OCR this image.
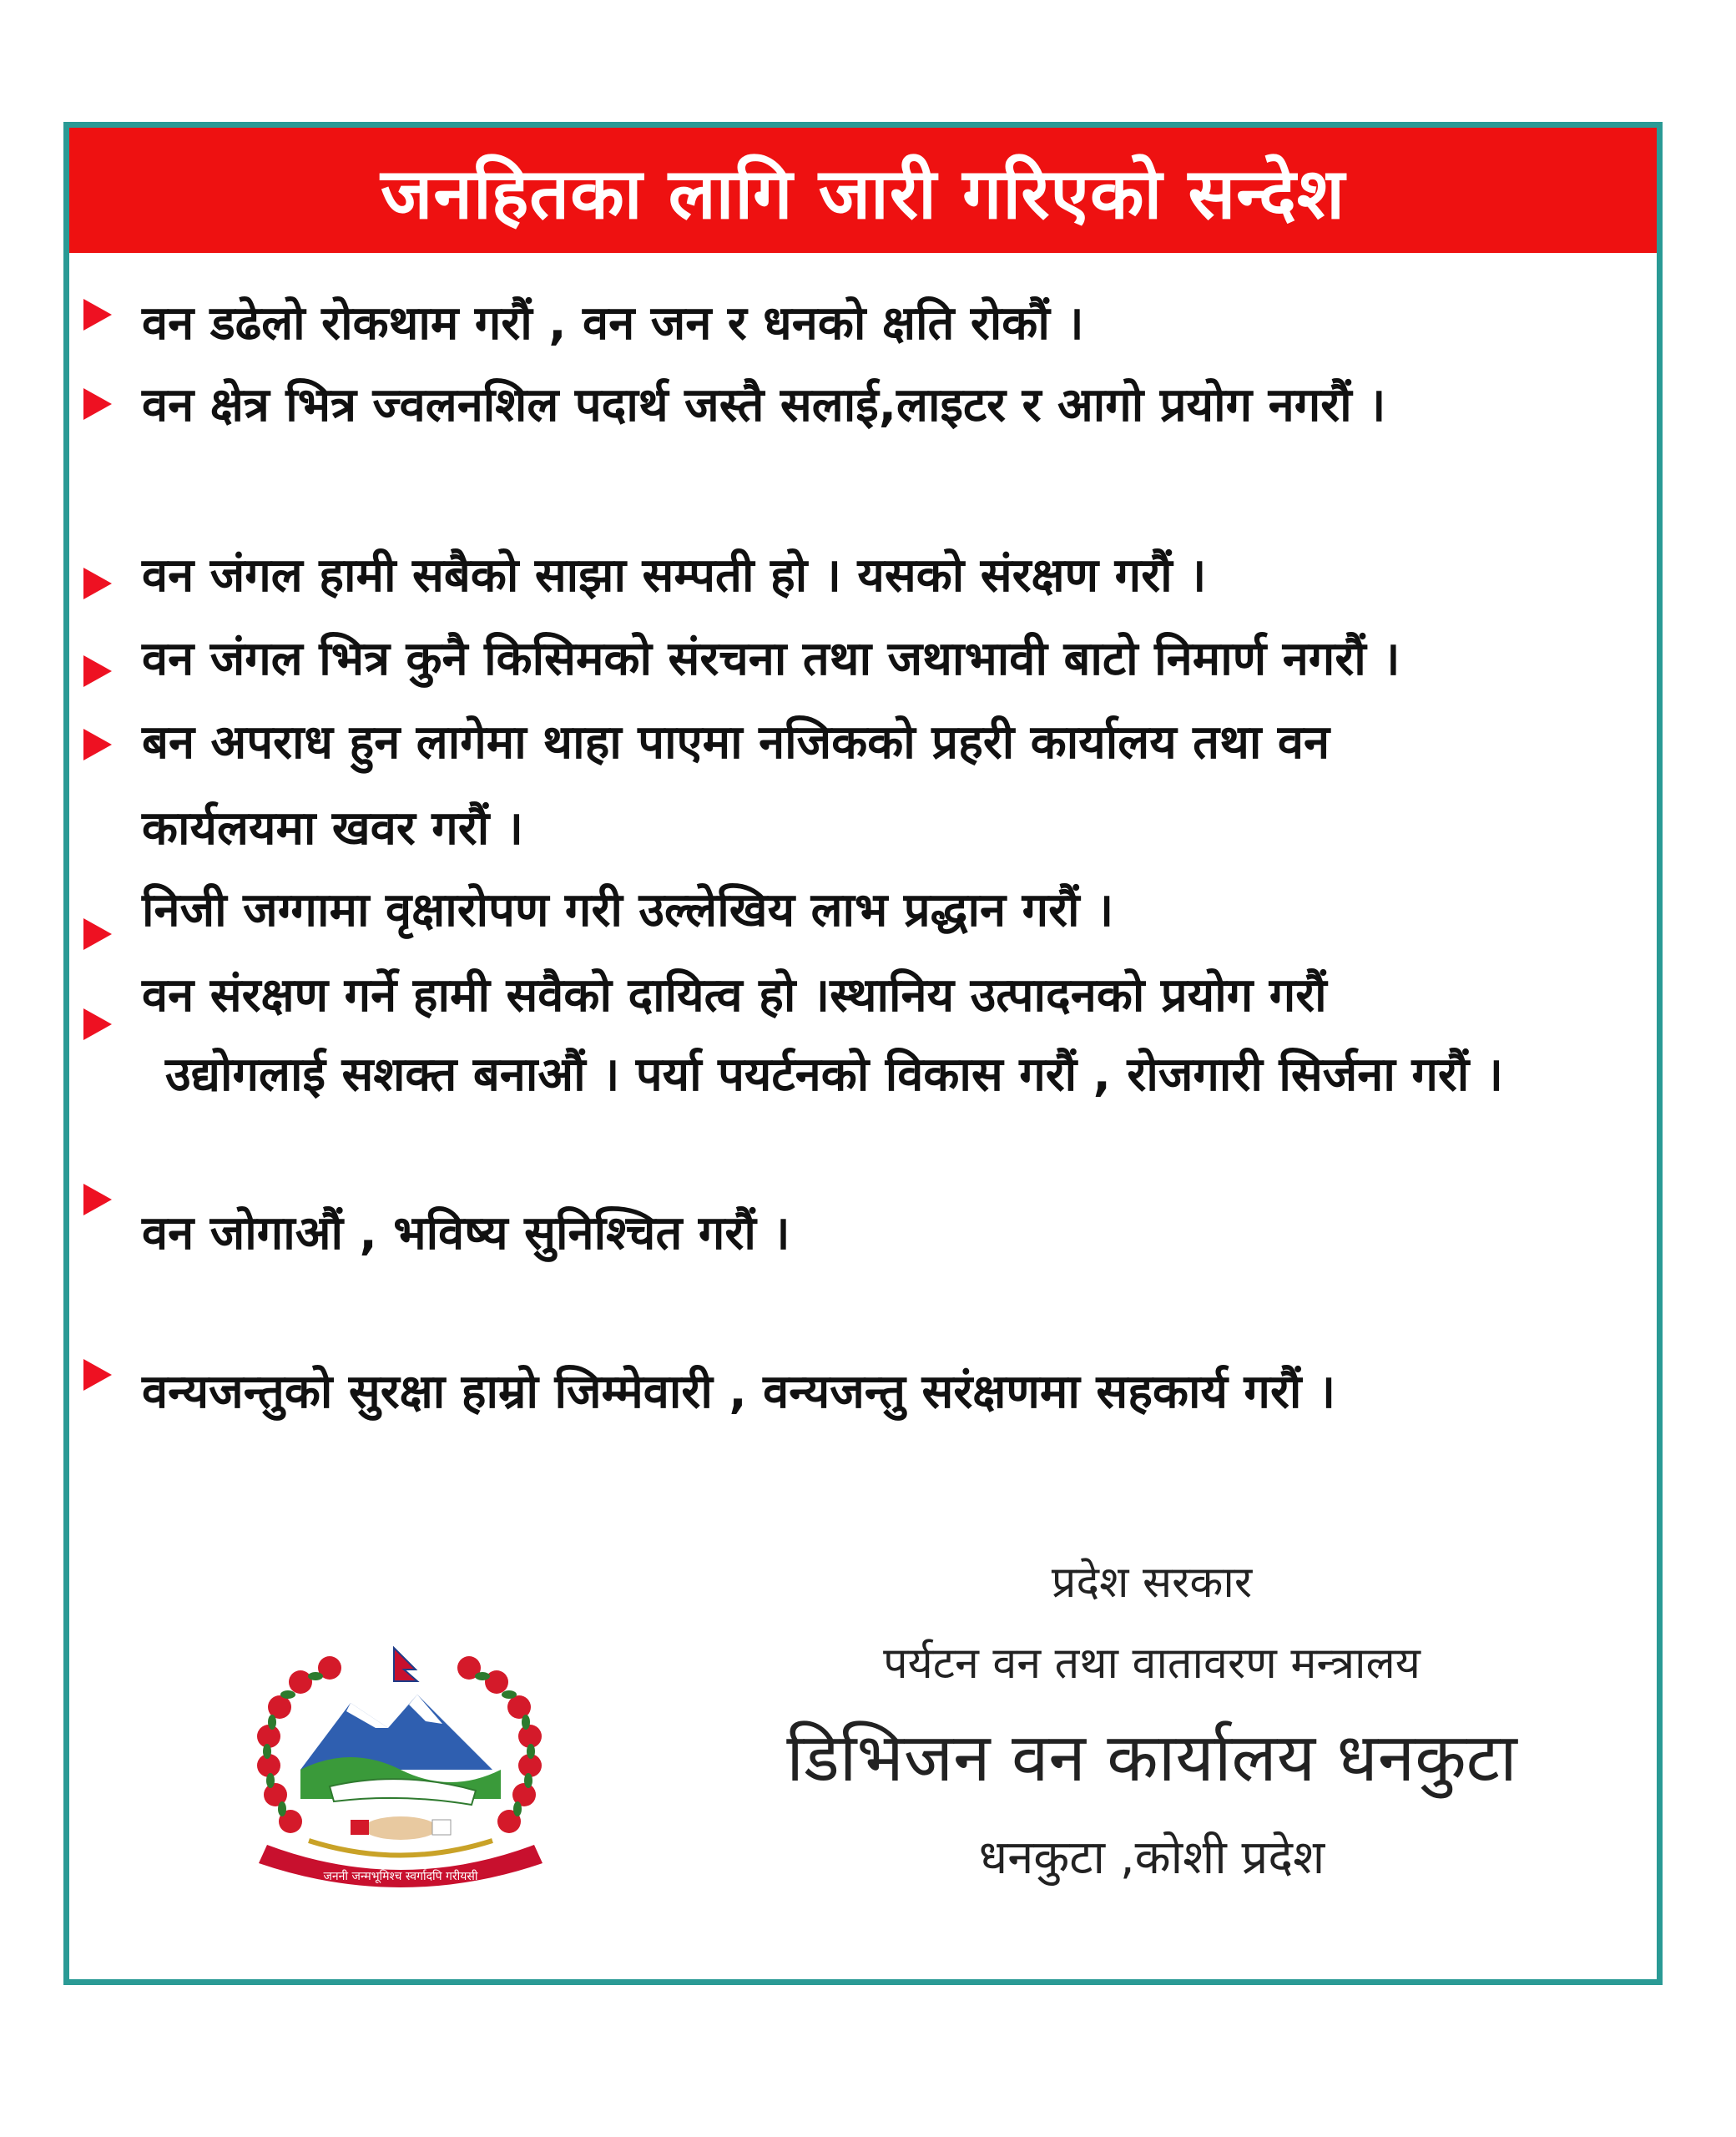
जनहितका लागि जारी गरिएको सन्देश
वन डढेलो रोकथाम गरौं , वन जन र धनको क्षति रोकौं ।
वन क्षेत्र भित्र ज्वलनशिल पदार्थ जस्तै सलाई,लाइटर र आगो प्रयोग नगरौं ।
वन जंगल हामी सबैको साझा सम्पती हो । यसको संरक्षण गरौं ।
वन जंगल भित्र कुनै किसिमको संरचना तथा जथाभावी बाटो निमार्ण नगरौं ।
बन अपराध हुन लागेमा थाहा पाएमा नजिकको प्रहरी कार्यालय तथा वन
कार्यलयमा खवर गरौं ।
निजी जग्गामा वृक्षारोपण गरी उल्लेखिय लाभ प्रद्धान गरौं ।
वन संरक्षण गर्ने हामी सवैको दायित्व हो ।स्थानिय उत्पादनको प्रयोग गरौं
उद्योगलाई सशक्त बनाऔं । पर्या पयर्टनको विकास गरौं , रोजगारी सिर्जना गरौं ।
वन जोगाऔं , भविष्य सुनिश्चित गरौं ।
वन्यजन्तुको सुरक्षा हाम्रो जिम्मेवारी , वन्यजन्तु सरंक्षणमा सहकार्य गरौं ।
जननी जन्मभूमिश्च स्वर्गादपि गरीयसी
प्रदेश सरकार
पर्यटन वन तथा वातावरण मन्त्रालय
डिभिजन वन कार्यालय धनकुटा
धनकुटा ,कोशी प्रदेश
